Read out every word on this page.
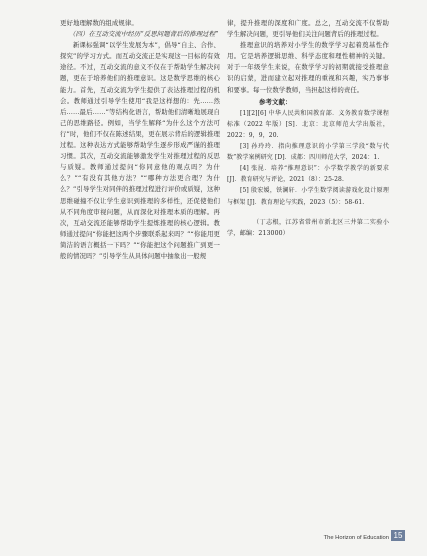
更好地理解数的组成规律。

（四）在互动交流中经历“反思问题背后的推理过程”

新课标强调“以学生发展为本”，倡导“自主、合作、探究”的学习方式。而互动交流正是实现这一目标的有效途径。不过，互动交流的意义不仅在于帮助学生解决问题，更在于培养他们的推理意识。这是数学思维的核心能力。首先，互动交流为学生提供了表达推理过程的机会。教师通过引导学生使用“我是这样想的：先……然后……最后……”等结构化语言，帮助他们清晰地展现自己的思维路径。例如，当学生解释“为什么这个方法可行”时，他们不仅在陈述结果，更在展示背后的逻辑推理过程。这种表达方式能够帮助学生逐步形成严谨的推理习惯。其次，互动交流能够激发学生对推理过程的反思与质疑。教师通过提问“你同意他的观点吗？为什么？”“有没有其他方法？”“哪种方法更合理？为什么？”引导学生对同伴的推理过程进行评价或质疑，这种思维碰撞不仅让学生意识到推理的多样性，还促使他们从不同角度审视问题，从而深化对推理本质的理解。再次，互动交流还能够帮助学生提炼推理的核心逻辑。教师通过提问“你能把这两个步骤联系起来吗？”“你能用更简洁的语言概括一下吗？”“你能把这个问题推广到更一般的情况吗？”引导学生从具体问题中抽象出一般规

律，提升推理的深度和广度。总之，互动交流不仅帮助学生解决问题，更引导他们关注问题背后的推理过程。

推理意识的培养对小学生的数学学习起着奠基性作用。它是培养逻辑思维、科学态度和理性精神的关键。对于一年级学生来说，在数学学习的初期就接受推理意识的启蒙，进而建立起对推理的重视和兴趣，实乃事事和要事。每一位数学教师，当担起这样的责任。

参考文献：

[1][2][6] 中华人民共和国教育部．义务教育数学课程标准（2022 年版）[S]．北京：北京师范大学出版社，2022：9，9，20.

[3] 孙玲玲．指向推理意识的小学第三学段“数与代数”教学案例研究 [D]．成都：四川师范大学，2024：1.

[4] 张昆．培养“推理意识”：小学数学教学的新要求 [J]．教育研究与评论，2021（8）：25-28.

[5] 殷宏媛，铁澜轩．小学生数学阅读游戏化设计原理与框架 [J]．教育理论与实践，2023（5）：58-61.

（丁志根，江苏省常州市新北区三井第二实验小学，邮编：213000）

The Horizon of Education 15
